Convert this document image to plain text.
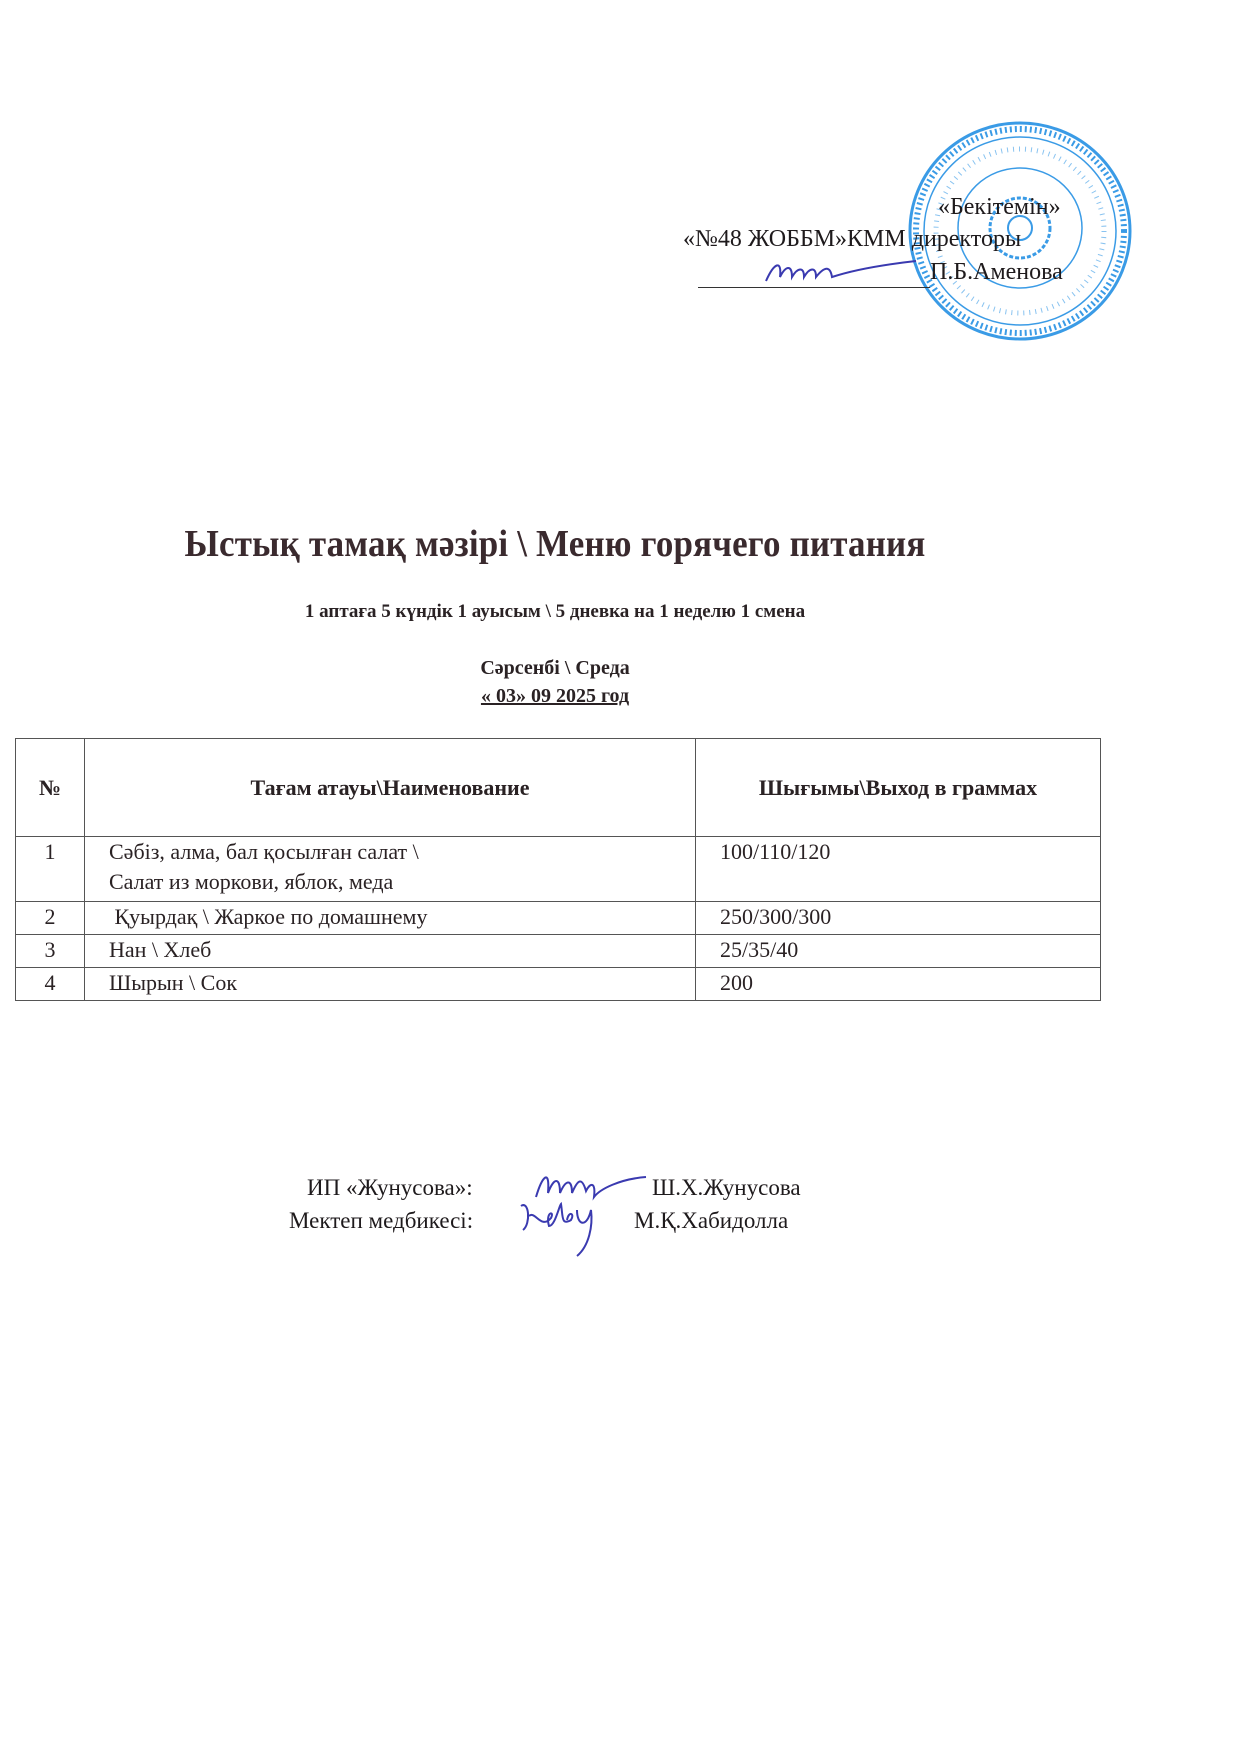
«Бекітемін»
«№48 ЖОББМ»КММ директоры
П.Б.Аменова
Ыстық тамақ мәзірі \ Меню горячего питания
1 аптаға 5 күндік 1 ауысым \ 5 дневка на 1 неделю 1 смена
Сәрсенбі \ Среда
« 03» 09 2025 год
№	Тағам атауы\Наименование	Шығымы\Выход в граммах
1	Сәбіз, алма, бал қосылған салат \
Салат из моркови, яблок, меда	100/110/120
2	Қуырдақ \ Жаркое по домашнему	250/300/300
3	Нан \ Хлеб	25/35/40
4	Шырын \ Сок	200
ИП «Жунусова»:	Ш.Х.Жунусова
Мектеп медбикесі:	М.Қ.Хабидолла
